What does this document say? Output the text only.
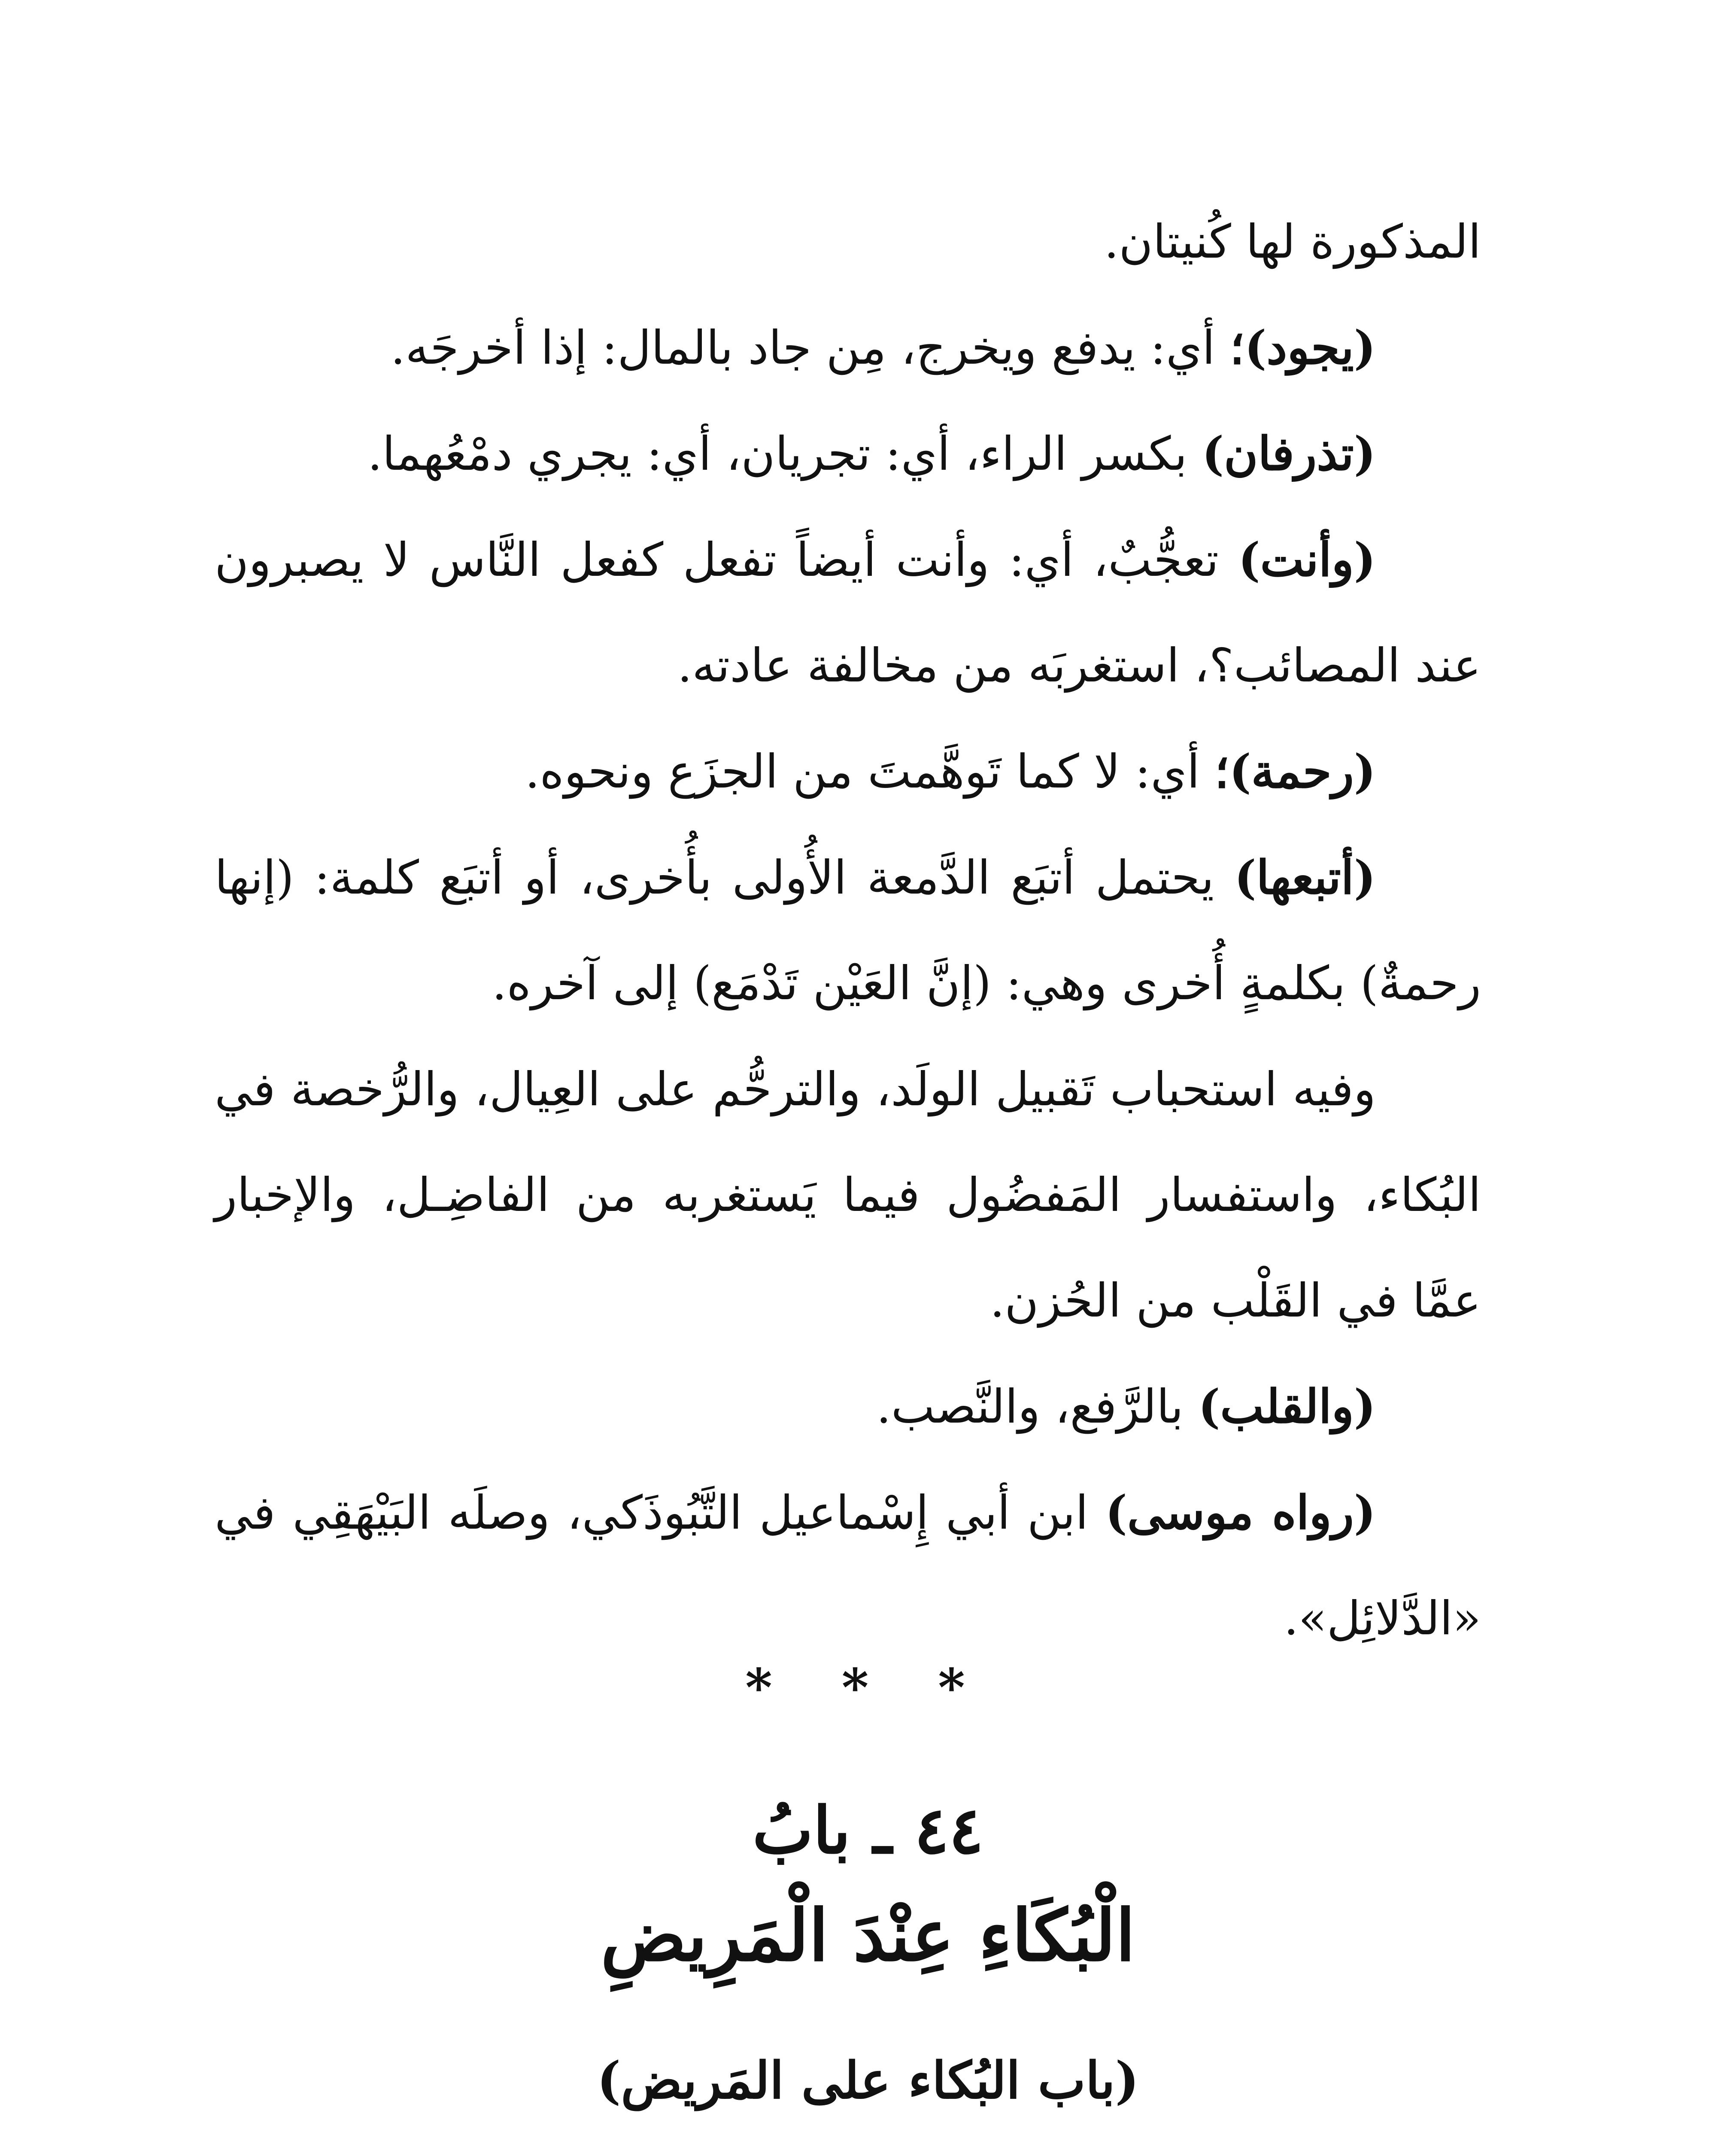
المذكورة لها كُنيتان.

(يجود)؛ أي: يدفع ويخرج، مِن جاد بالمال: إذا أخرجَه.

(تذرفان) بكسر الراء، أي: تجريان، أي: يجري دمْعُهما.

(وأنت) تعجُّبٌ، أي: وأنت أيضاً تفعل كفعل النَّاس لا يصبرون عند المصائب؟، استغربَه من مخالفة عادته.

(رحمة)؛ أي: لا كما تَوهَّمتَ من الجزَع ونحوه.

(أتبعها) يحتمل أتبَع الدَّمعة الأُولى بأُخرى، أو أتبَع كلمة: (إنها رحمةٌ) بكلمةٍ أُخرى وهي: (إنَّ العَيْن تَدْمَع) إلى آخره.

وفيه استحباب تَقبيل الولَد، والترحُّم على العِيال، والرُّخصة في البُكاء، واستفسار المَفضُول فيما يَستغربه من الفاضِـل، والإخبار عمَّا في القَلْب من الحُزن.

(والقلب) بالرَّفع، والنَّصب.

(رواه موسى) ابن أبي إِسْماعيل التَّبُوذَكي، وصلَه البَيْهَقِي في «الدَّلائِل».

* * *
٤٤ ـ بابُ
الْبُكَاءِ عِنْدَ الْمَرِيضِ
(باب البُكاء على المَريض)
